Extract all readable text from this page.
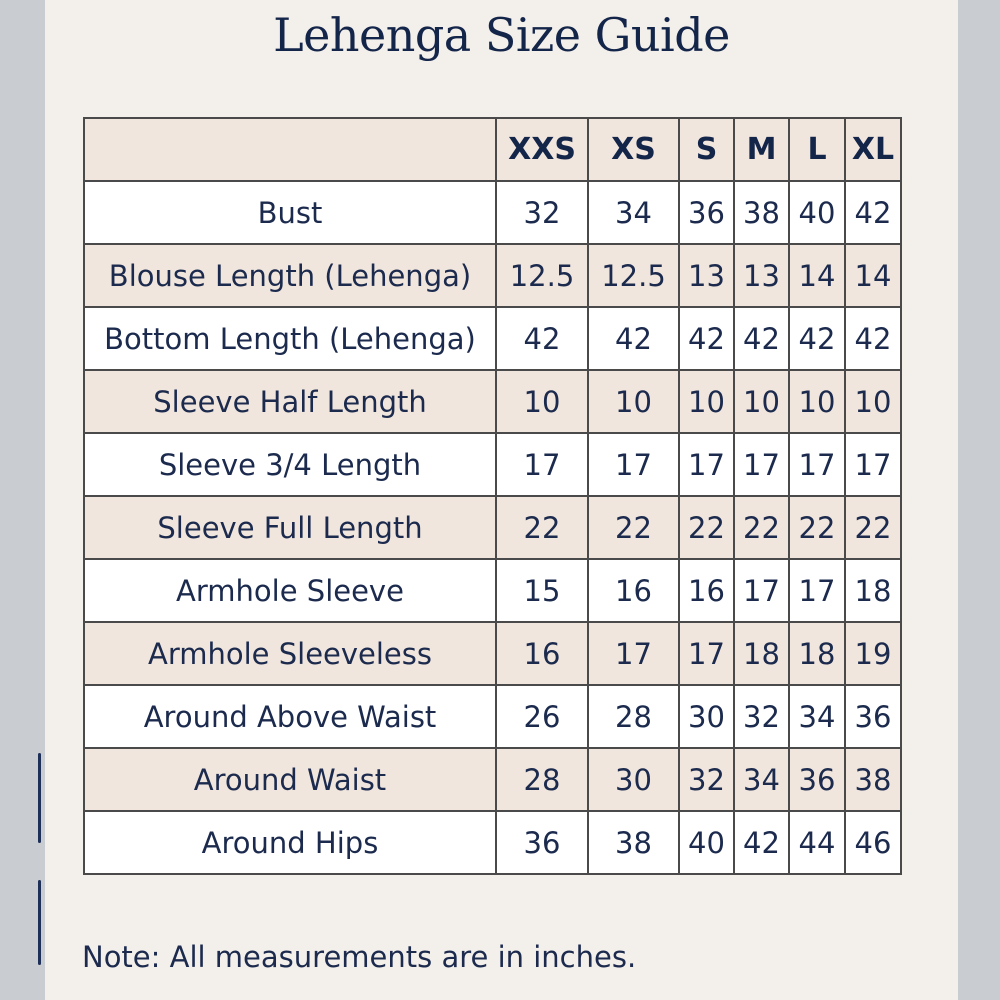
Lehenga Size Guide
	XXS	XS	S	M	L	XL
Bust	32	34	36	38	40	42
Blouse Length (Lehenga)	12.5	12.5	13	13	14	14
Bottom Length (Lehenga)	42	42	42	42	42	42
Sleeve Half Length	10	10	10	10	10	10
Sleeve 3/4 Length	17	17	17	17	17	17
Sleeve Full Length	22	22	22	22	22	22
Armhole Sleeve	15	16	16	17	17	18
Armhole Sleeveless	16	17	17	18	18	19
Around Above Waist	26	28	30	32	34	36
Around Waist	28	30	32	34	36	38
Around Hips	36	38	40	42	44	46
Note: All measurements are in inches.
